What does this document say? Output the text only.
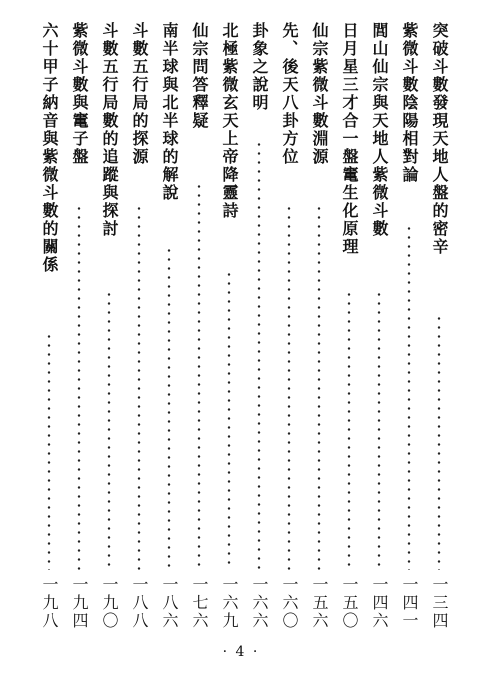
突破斗數發現天地人盤的密辛
一三四
紫微斗數陰陽相對論
一四一
閭山仙宗與天地人紫微斗數
一四六
日月星三才合一盤竃生化原理
一五〇
仙宗紫微斗數淵源
一五六
先、後天八卦方位
一六〇
卦象之說明
一六六
北極紫微玄天上帝降靈詩
一六九
仙宗問答釋疑
一七六
南半球與北半球的解說
一八六
斗數五行局的探源
一八八
斗數五行局數的追蹤與探討
一九〇
紫微斗數與竃子盤
一九四
六十甲子納音與紫微斗數的關係
一九八
· 4 ·
